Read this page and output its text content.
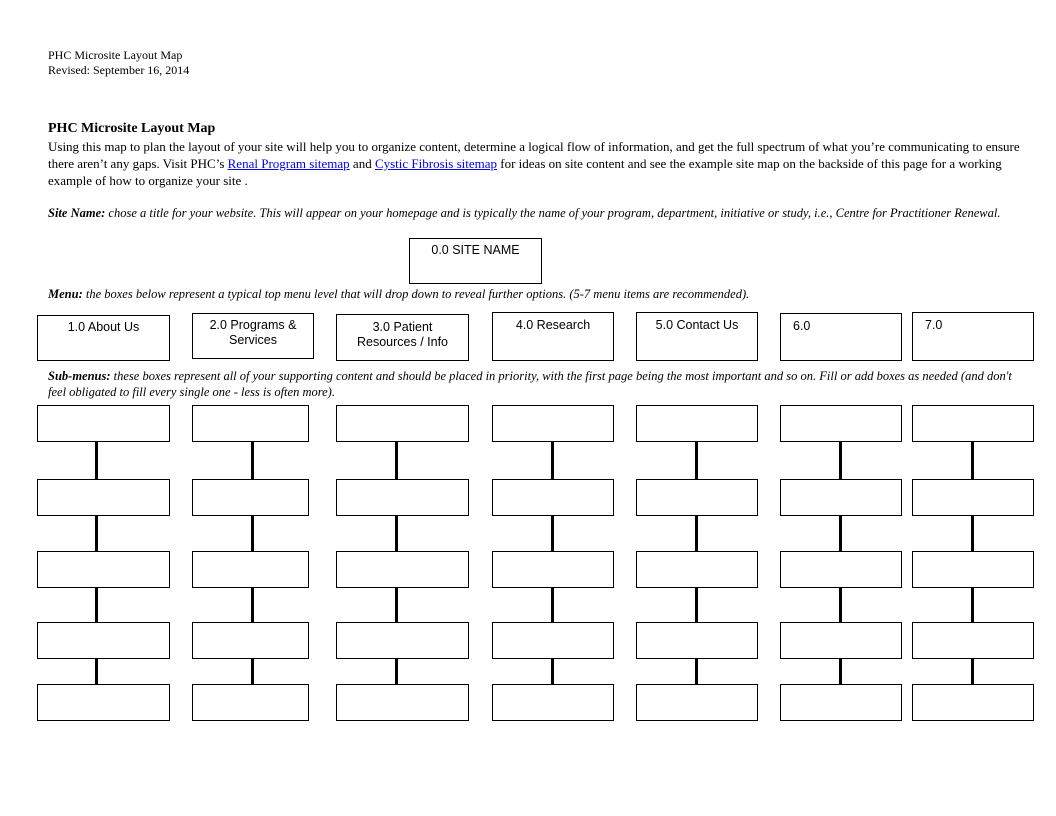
PHC Microsite Layout Map
Revised: September 16, 2014
PHC Microsite Layout Map
Using this map to plan the layout of your site will help you to organize content, determine a logical flow of information, and get the full spectrum of what you’re communicating to ensure there aren’t any gaps. Visit PHC’s Renal Program sitemap and Cystic Fibrosis sitemap for ideas on site content and see the example site map on the backside of this page for a working example of how to organize your site .
Site Name: chose a title for your website. This will appear on your homepage and is typically the name of your program, department, initiative or study, i.e., Centre for Practitioner Renewal.
0.0 SITE NAME
Menu: the boxes below represent a typical top menu level that will drop down to reveal further options. (5-7 menu items are recommended).
1.0 About Us	2.0 Programs & Services
3.0 Patient Resources / Info
4.0 Research	5.0 Contact Us	6.0	7.0
Sub-menus: these boxes represent all of your supporting content and should be placed in priority, with the first page being the most important and so on. Fill or add boxes as needed (and don't feel obligated to fill every single one - less is often more).
